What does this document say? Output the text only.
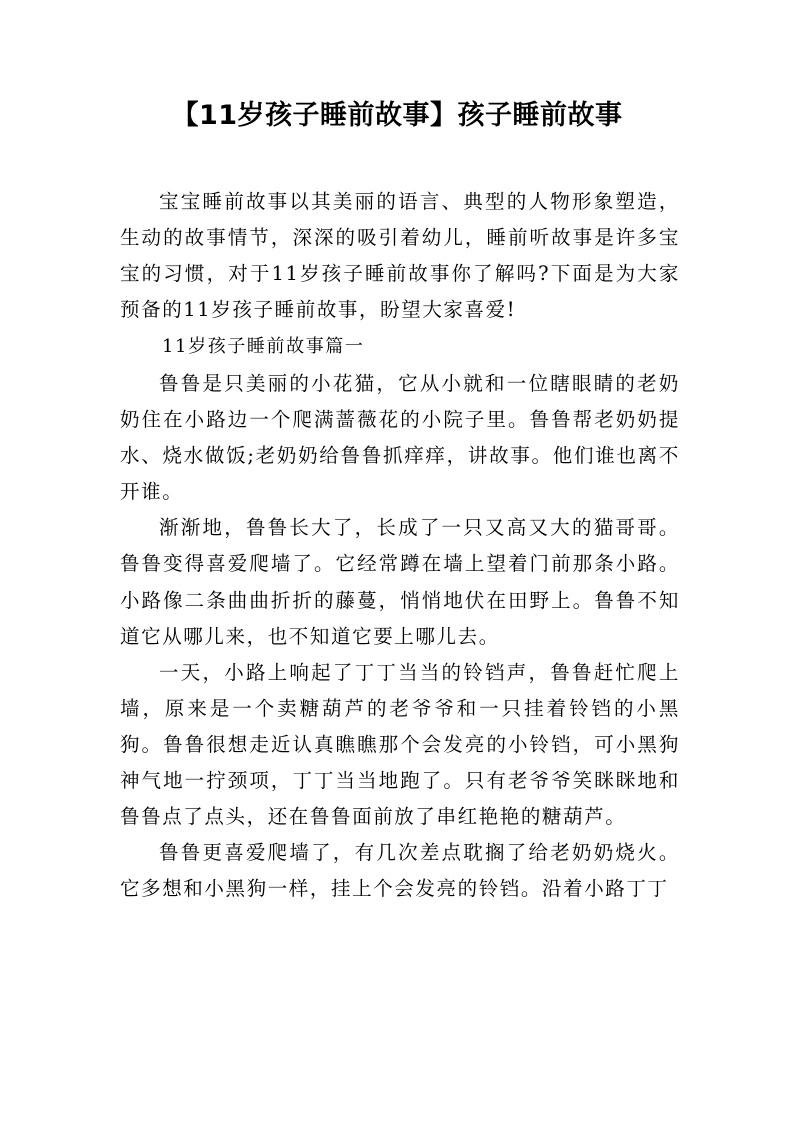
【11岁孩子睡前故事】孩子睡前故事

宝宝睡前故事以其美丽的语言、典型的人物形象塑造，生动的故事情节，深深的吸引着幼儿，睡前听故事是许多宝宝的习惯，对于11岁孩子睡前故事你了解吗?下面是为大家预备的11岁孩子睡前故事，盼望大家喜爱!

11岁孩子睡前故事篇一

鲁鲁是只美丽的小花猫，它从小就和一位瞎眼睛的老奶奶住在小路边一个爬满蔷薇花的小院子里。鲁鲁帮老奶奶提水、烧水做饭;老奶奶给鲁鲁抓痒痒，讲故事。他们谁也离不开谁。

渐渐地，鲁鲁长大了，长成了一只又高又大的猫哥哥。鲁鲁变得喜爱爬墙了。它经常蹲在墙上望着门前那条小路。小路像二条曲曲折折的藤蔓，悄悄地伏在田野上。鲁鲁不知道它从哪儿来，也不知道它要上哪儿去。

一天，小路上响起了丁丁当当的铃铛声，鲁鲁赶忙爬上墙，原来是一个卖糖葫芦的老爷爷和一只挂着铃铛的小黑狗。鲁鲁很想走近认真瞧瞧那个会发亮的小铃铛，可小黑狗神气地一拧颈项，丁丁当当地跑了。只有老爷爷笑眯眯地和鲁鲁点了点头，还在鲁鲁面前放了串红艳艳的糖葫芦。

鲁鲁更喜爱爬墙了，有几次差点耽搁了给老奶奶烧火。它多想和小黑狗一样，挂上个会发亮的铃铛。沿着小路丁丁
